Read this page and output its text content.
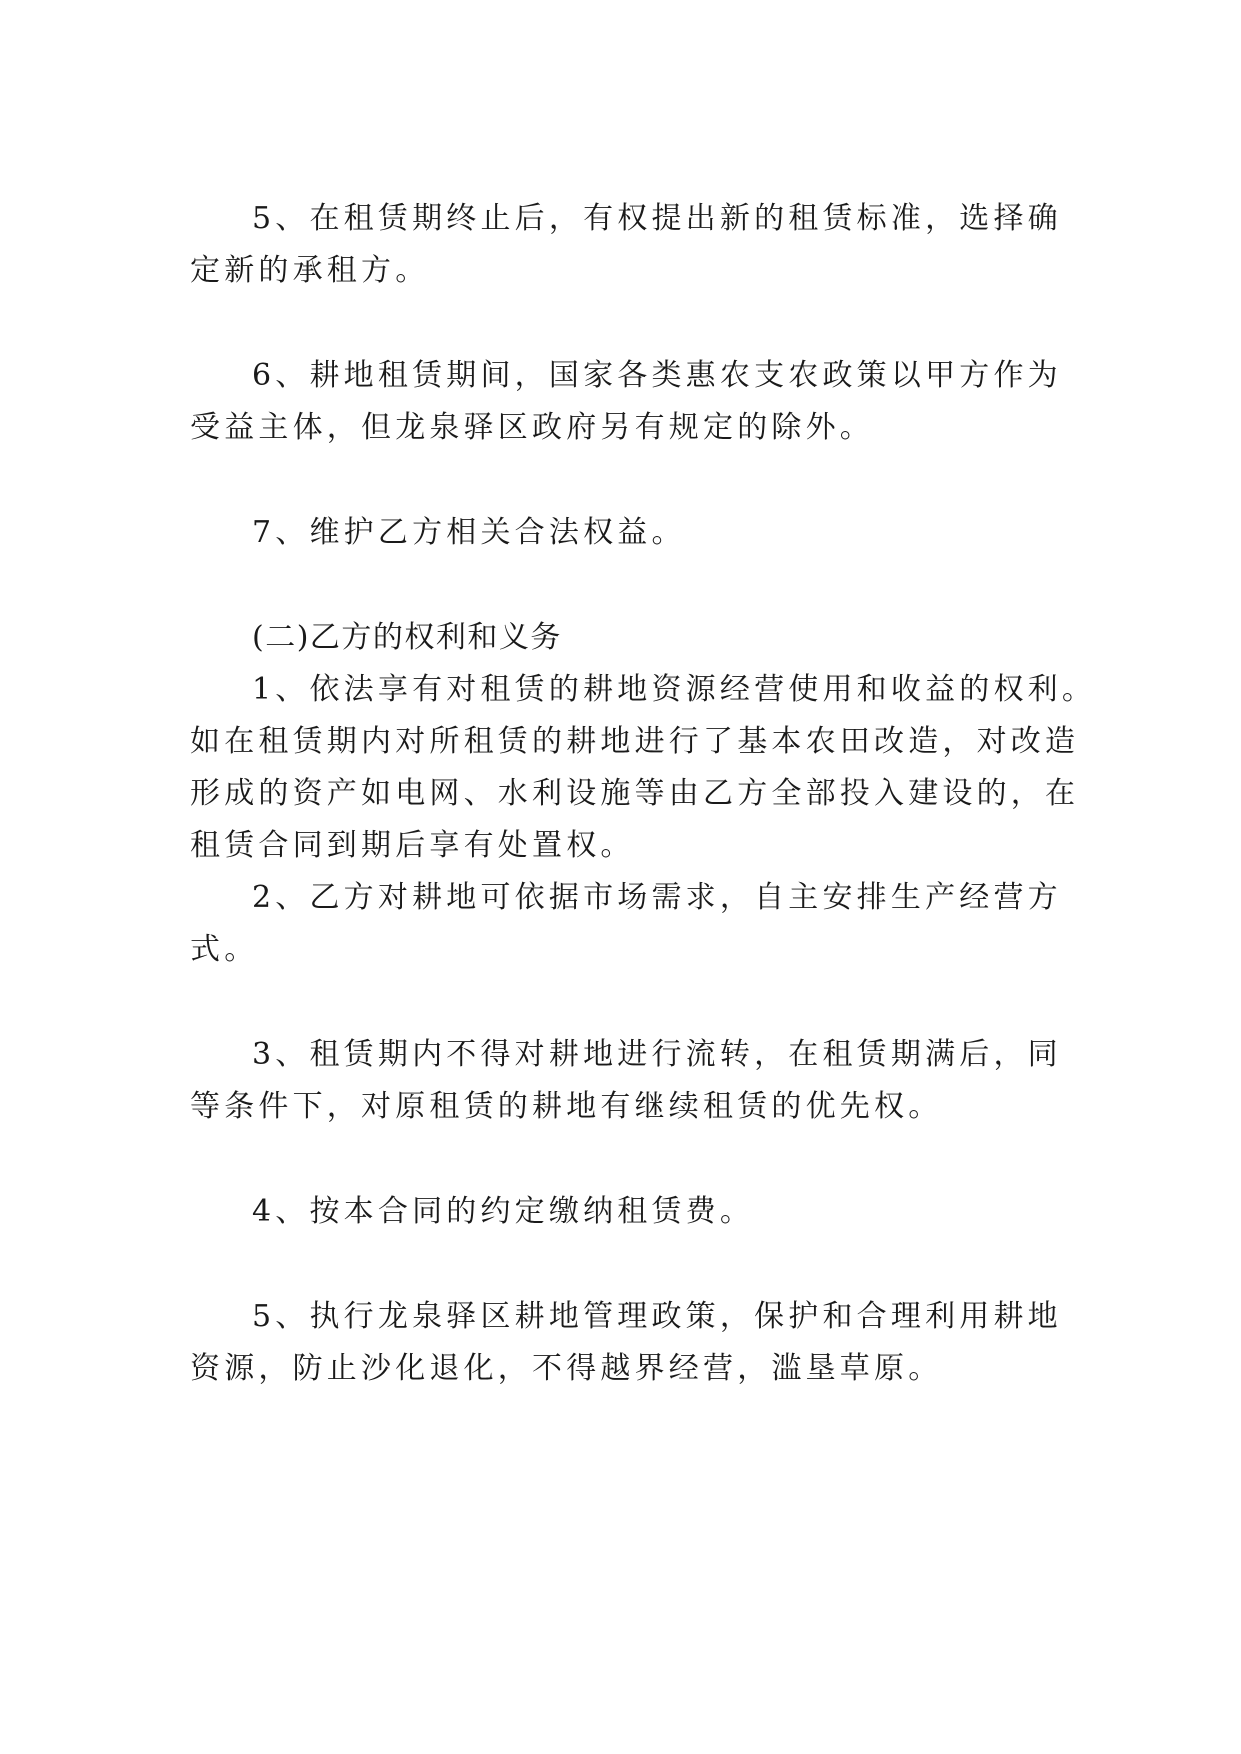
5、在租赁期终止后，有权提出新的租赁标准，选择确
定新的承租方。
6、耕地租赁期间，国家各类惠农支农政策以甲方作为
受益主体，但龙泉驿区政府另有规定的除外。
7、维护乙方相关合法权益。
(二)乙方的权利和义务
1、依法享有对租赁的耕地资源经营使用和收益的权利。
如在租赁期内对所租赁的耕地进行了基本农田改造，对改造
形成的资产如电网、水利设施等由乙方全部投入建设的，在
租赁合同到期后享有处置权。
2、乙方对耕地可依据市场需求，自主安排生产经营方
式。
3、租赁期内不得对耕地进行流转，在租赁期满后，同
等条件下，对原租赁的耕地有继续租赁的优先权。
4、按本合同的约定缴纳租赁费。
5、执行龙泉驿区耕地管理政策，保护和合理利用耕地
资源，防止沙化退化，不得越界经营，滥垦草原。
